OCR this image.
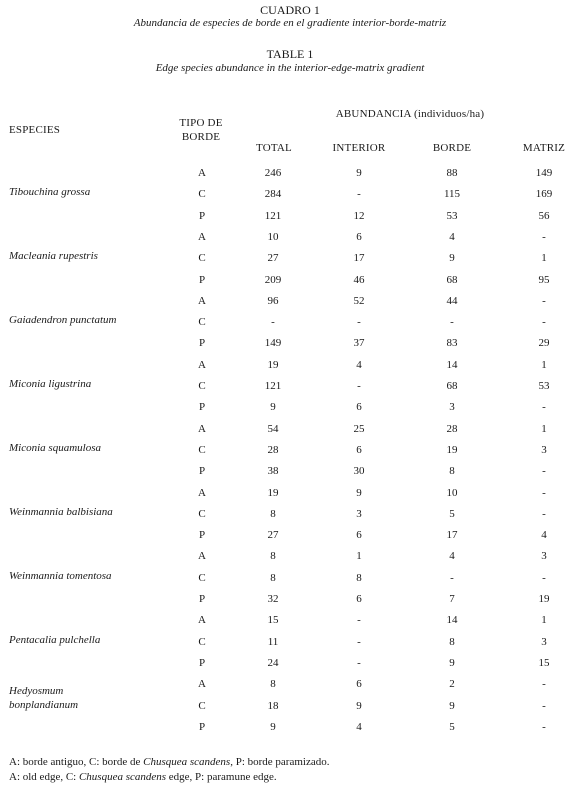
CUADRO 1
Abundancia de especies de borde en el gradiente interior-borde-matriz
TABLE 1
Edge species abundance in the interior-edge-matrix gradient
ESPECIES
TIPO DE
BORDE
ABUNDANCIA (individuos/ha)
TOTAL	INTERIOR	BORDE	MATRIZ
Tibouchina grossa
A	246	9	88	149
C	284	-	115	169
P	121	12	53	56
Macleania rupestris
A	10	6	4	-
C	27	17	9	1
P	209	46	68	95
Gaiadendron punctatum
A	96	52	44	-
C	-	-	-	-
P	149	37	83	29
Miconia ligustrina
A	19	4	14	1
C	121	-	68	53
P	9	6	3	-
Miconia squamulosa
A	54	25	28	1
C	28	6	19	3
P	38	30	8	-
Weinmannia balbisiana
A	19	9	10	-
C	8	3	5	-
P	27	6	17	4
Weinmannia tomentosa
A	8	1	4	3
C	8	8	-	-
P	32	6	7	19
Pentacalia pulchella
A	15	-	14	1
C	11	-	8	3
P	24	-	9	15
Hedyosmum
bonplandianum
A	8	6	2	-
C	18	9	9	-
P	9	4	5	-
A: borde antiguo, C: borde de Chusquea scandens, P: borde paramizado.
A: old edge, C: Chusquea scandens edge, P: paramune edge.
